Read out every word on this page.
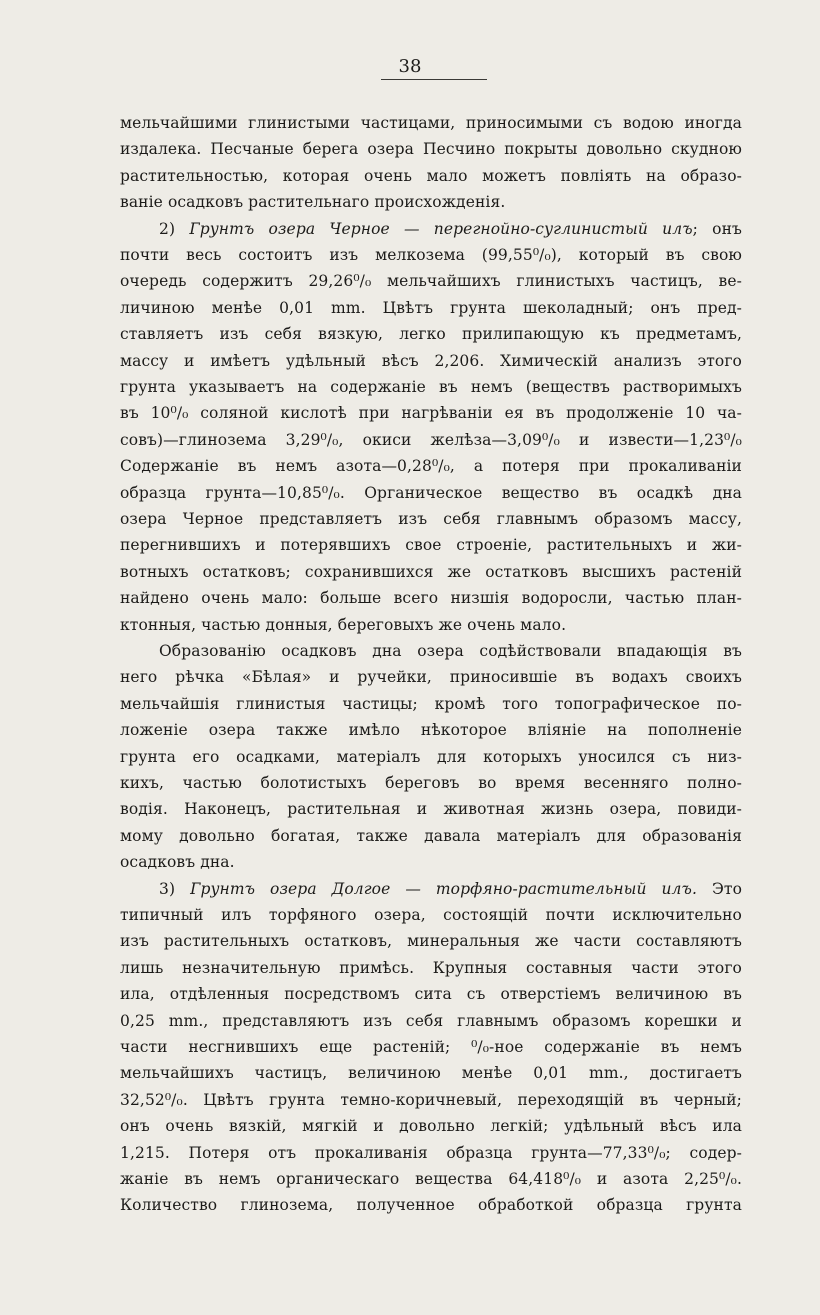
38
мельчайшими глинистыми частицами, приносимыми съ водою иногда
издалека. Песчаные берега озера Песчино покрыты довольно скудною
растительностью, которая очень мало можетъ повліять на образо-
ваніе осадковъ растительнаго происхожденія.
2) Грунтъ озера Черное — перегнойно-суглинистый илъ; онъ
почти весь состоитъ изъ мелкозема (99,55⁰/₀), который въ свою
очередь содержитъ 29,26⁰/₀ мельчайшихъ глинистыхъ частицъ, ве-
личиною менѣе 0,01 mm. Цвѣтъ грунта шеколадный; онъ пред-
ставляетъ изъ себя вязкую, легко прилипающую къ предметамъ,
массу и имѣетъ удѣльный вѣсъ 2,206. Химическій анализъ этого
грунта указываетъ на содержаніе въ немъ (веществъ растворимыхъ
въ 10⁰/₀ соляной кислотѣ при нагрѣваніи ея въ продолженіе 10 ча-
совъ)—глинозема 3,29⁰/₀, окиси желѣза—3,09⁰/₀ и извести—1,23⁰/₀
Содержаніе въ немъ азота—0,28⁰/₀, а потеря при прокаливаніи
образца грунта—10,85⁰/₀. Органическое вещество въ осадкѣ дна
озера Черное представляетъ изъ себя главнымъ образомъ массу,
перегнившихъ и потерявшихъ свое строеніе, растительныхъ и жи-
вотныхъ остатковъ; сохранившихся же остатковъ высшихъ растеній
найдено очень мало: больше всего низшія водоросли, частью план-
ктонныя, частью донныя, береговыхъ же очень мало.
Образованію осадковъ дна озера содѣйствовали впадающія въ
него рѣчка «Бѣлая» и ручейки, приносившіе въ водахъ своихъ
мельчайшія глинистыя частицы; кромѣ того топографическое по-
ложеніе озера также имѣло нѣкоторое вліяніе на пополненіе
грунта его осадками, матеріалъ для которыхъ уносился съ низ-
кихъ, частью болотистыхъ береговъ во время весенняго полно-
водія. Наконецъ, растительная и животная жизнь озера, повиди-
мому довольно богатая, также давала матеріалъ для образованія
осадковъ дна.
3) Грунтъ озера Долгое — торфяно-растительный илъ. Это
типичный илъ торфяного озера, состоящій почти исключительно
изъ растительныхъ остатковъ, минеральныя же части составляютъ
лишь незначительную примѣсь. Крупныя составныя части этого
ила, отдѣленныя посредствомъ сита съ отверстіемъ величиною въ
0,25 mm., представляютъ изъ себя главнымъ образомъ корешки и
части несгнившихъ еще растеній; ⁰/₀-ное содержаніе въ немъ
мельчайшихъ частицъ, величиною менѣе 0,01 mm., достигаетъ
32,52⁰/₀. Цвѣтъ грунта темно-коричневый, переходящій въ черный;
онъ очень вязкій, мягкій и довольно легкій; удѣльный вѣсъ ила
1,215. Потеря отъ прокаливанія образца грунта—77,33⁰/₀; содер-
жаніе въ немъ органическаго вещества 64,418⁰/₀ и азота 2,25⁰/₀.
Количество глинозема, полученное обработкой образца грунта
